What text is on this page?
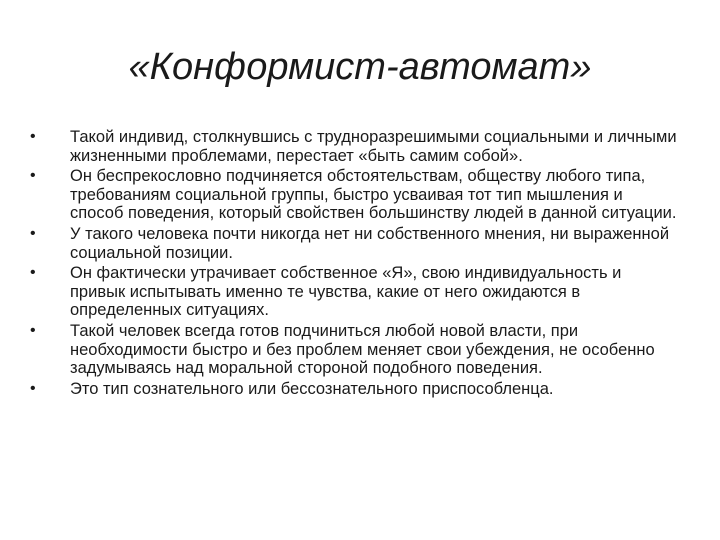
«Конформист-автомат»
•	Такой индивид, столкнувшись с трудноразрешимыми социальными и личными жизненными проблемами, перестает «быть самим собой».
•	Он беспрекословно подчиняется обстоятельствам, обществу любого типа, требованиям социальной группы, быстро усваивая тот тип мышления и способ поведения, который свойствен большинству людей в данной ситуации.
•	У такого человека почти никогда нет ни собственного мнения, ни выраженной социальной позиции.
•	Он фактически утрачивает собственное «Я», свою индивидуальность и привык испытывать именно те чувства, какие от него ожидаются в определенных ситуациях.
•	Такой человек всегда готов подчиниться любой новой власти, при необходимости быстро и без проблем меняет свои убеждения, не особенно задумываясь над моральной стороной подобного поведения.
•	Это тип сознательного или бессознательного приспособленца.
